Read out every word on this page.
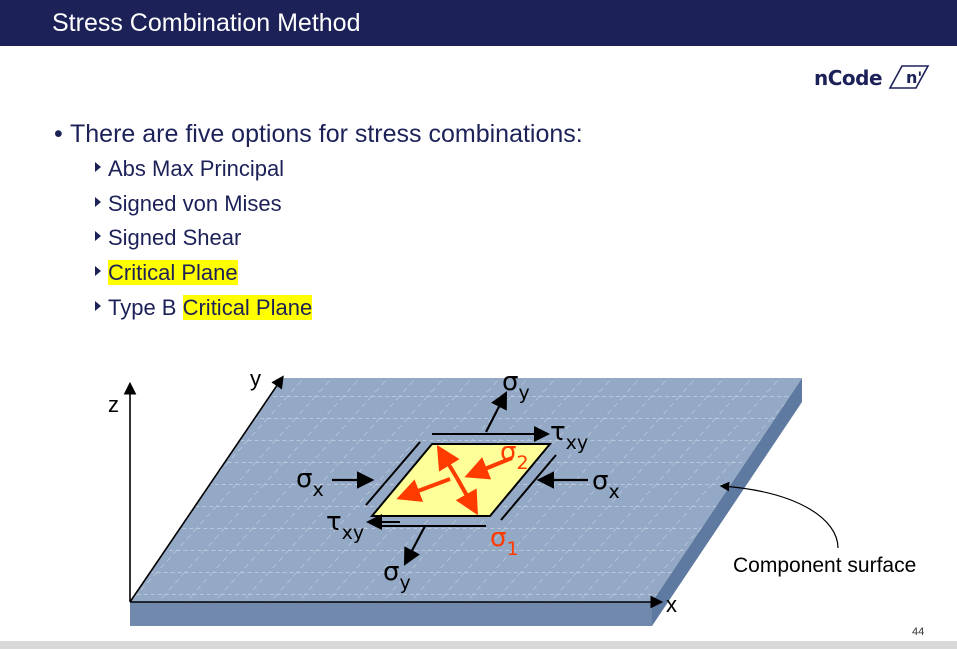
Stress Combination Method
nCode n'
• There are five options for stress combinations:
Abs Max Principal
Signed von Mises
Signed Shear
Critical Plane
Type B Critical Plane
z
y
x
$\sigma_y$
$\tau_{xy}$
$\sigma_2$
$\sigma_x$	$\sigma_x$
$\tau_{xy}$	$\sigma_1$
$\sigma_y$
Component surface
44
